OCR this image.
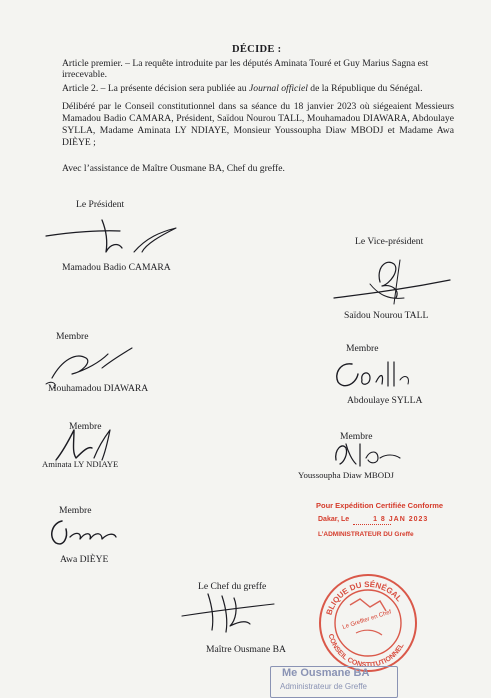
DÉCIDE :
Article premier. – La requête introduite par les députés Aminata Touré et Guy Marius Sagna est
irrecevable.
Article 2. – La présente décision sera publiée au Journal officiel de la République du Sénégal.
Délibéré par le Conseil constitutionnel dans sa séance du 18 janvier 2023 où siégeaient Messieurs Mamadou Badio CAMARA, Président, Saïdou Nourou TALL, Mouhamadou DIAWARA, Abdoulaye SYLLA, Madame Aminata LY NDIAYE, Monsieur Youssoupha Diaw MBODJ et Madame Awa DIÈYE ;
Avec l’assistance de Maître Ousmane BA, Chef du greffe.
Le Président
Mamadou Badio CAMARA
Le Vice-président
Saïdou Nourou TALL
Membre
Mouhamadou DIAWARA
Membre
Abdoulaye SYLLA
Membre
Aminata LY NDIAYE
Membre
Youssoupha Diaw MBODJ
Pour Expédition Certifiée Conforme
Dakar, Le	1 8 JAN 2023
L’ADMINISTRATEUR DU Greffe
Membre
Awa DIÈYE
Le Chef du greffe
Maître Ousmane BA
BLIQUE DU SÉNÉGAL
CONSEIL CONSTITUTIONNEL
Le Greffier en Chef
Me Ousmane BA
Administrateur de Greffe
